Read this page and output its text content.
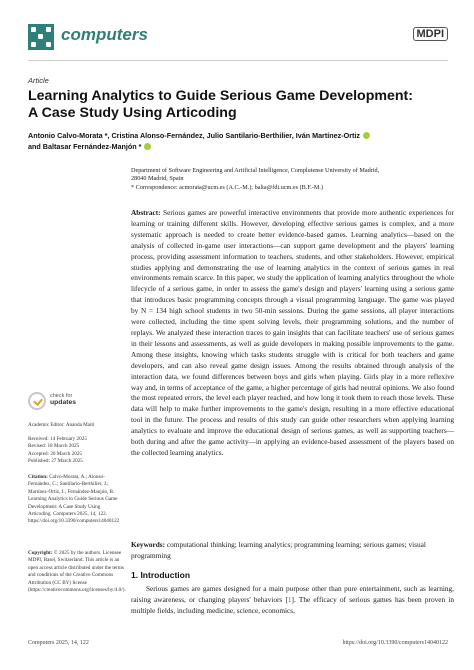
computers	MDPI
Article
Learning Analytics to Guide Serious Game Development:
A Case Study Using Articoding
Antonio Calvo-Morata *, Cristina Alonso-Fernández, Julio Santilario-Berthilier, Iván Martínez-Ortiz
and Baltasar Fernández-Manjón *
Department of Software Engineering and Artificial Intelligence, Complutense University of Madrid,
28040 Madrid, Spain
* Correspondence: acmorata@ucm.es (A.C.-M.); balta@fdi.ucm.es (B.F.-M.)
Abstract: Serious games are powerful interactive environments that provide more authentic experiences for learning or training different skills. However, developing effective serious games is complex, and a more systematic approach is needed to create better evidence-based games. Learning analytics—based on the analysis of collected in-game user interactions—can support game development and the players' learning process, providing assessment information to teachers, students, and other stakeholders. However, empirical studies applying and demonstrating the use of learning analytics in the context of serious games in real environments remain scarce. In this paper, we study the application of learning analytics throughout the whole lifecycle of a serious game, in order to assess the game's design and players' learning using a serious game that introduces basic programming concepts through a visual programming language. The game was played by N = 134 high school students in two 50-min sessions. During the game sessions, all player interactions were collected, including the time spent solving levels, their programming solutions, and the number of replays. We analyzed these interaction traces to gain insights that can facilitate teachers' use of serious games in their lessons and assessments, as well as guide developers in making possible improvements to the game. Among these insights, knowing which tasks students struggle with is critical for both teachers and game developers, and can also reveal game design issues. Among the results obtained through analysis of the interaction data, we found differences between boys and girls when playing. Girls play in a more reflexive way and, in terms of acceptance of the game, a higher percentage of girls had neutral opinions. We also found the most repeated errors, the level each player reached, and how long it took them to reach those levels. These data will help to make further improvements to the game's design, resulting in a more effective educational tool in the future. The process and results of this study can guide other researchers when applying learning analytics to evaluate and improve the educational design of serious games, as well as supporting teachers—both during and after the game activity—in applying an evidence-based assessment of the players based on the collected learning analytics.
check for
updates
Academic Editor: Ananda Maiti
Received: 14 February 2025
Revised: 18 March 2025
Accepted: 20 March 2025
Published: 27 March 2025
Citation: Calvo-Morata, A.; Alonso-Fernández, C.; Santilario-Berthilier, J.; Martínez-Ortiz, I.; Fernández-Manjón, B. Learning Analytics to Guide Serious Game Development: A Case Study Using Articoding. Computers 2025, 14, 122. https://doi.org/10.3390/computers14040122
Copyright: © 2025 by the authors. Licensee MDPI, Basel, Switzerland. This article is an open access article distributed under the terms and conditions of the Creative Commons Attribution (CC BY) license (https://creativecommons.org/licenses/by/4.0/).
Keywords: computational thinking; learning analytics; programming learning; serious games; visual programming
1. Introduction
Serious games are games designed for a main purpose other than pure entertainment, such as learning, raising awareness, or changing players' behaviors [1]. The efficacy of serious games has been proven in multiple fields, including medicine, science, economics,
Computers 2025, 14, 122	https://doi.org/10.3390/computers14040122
